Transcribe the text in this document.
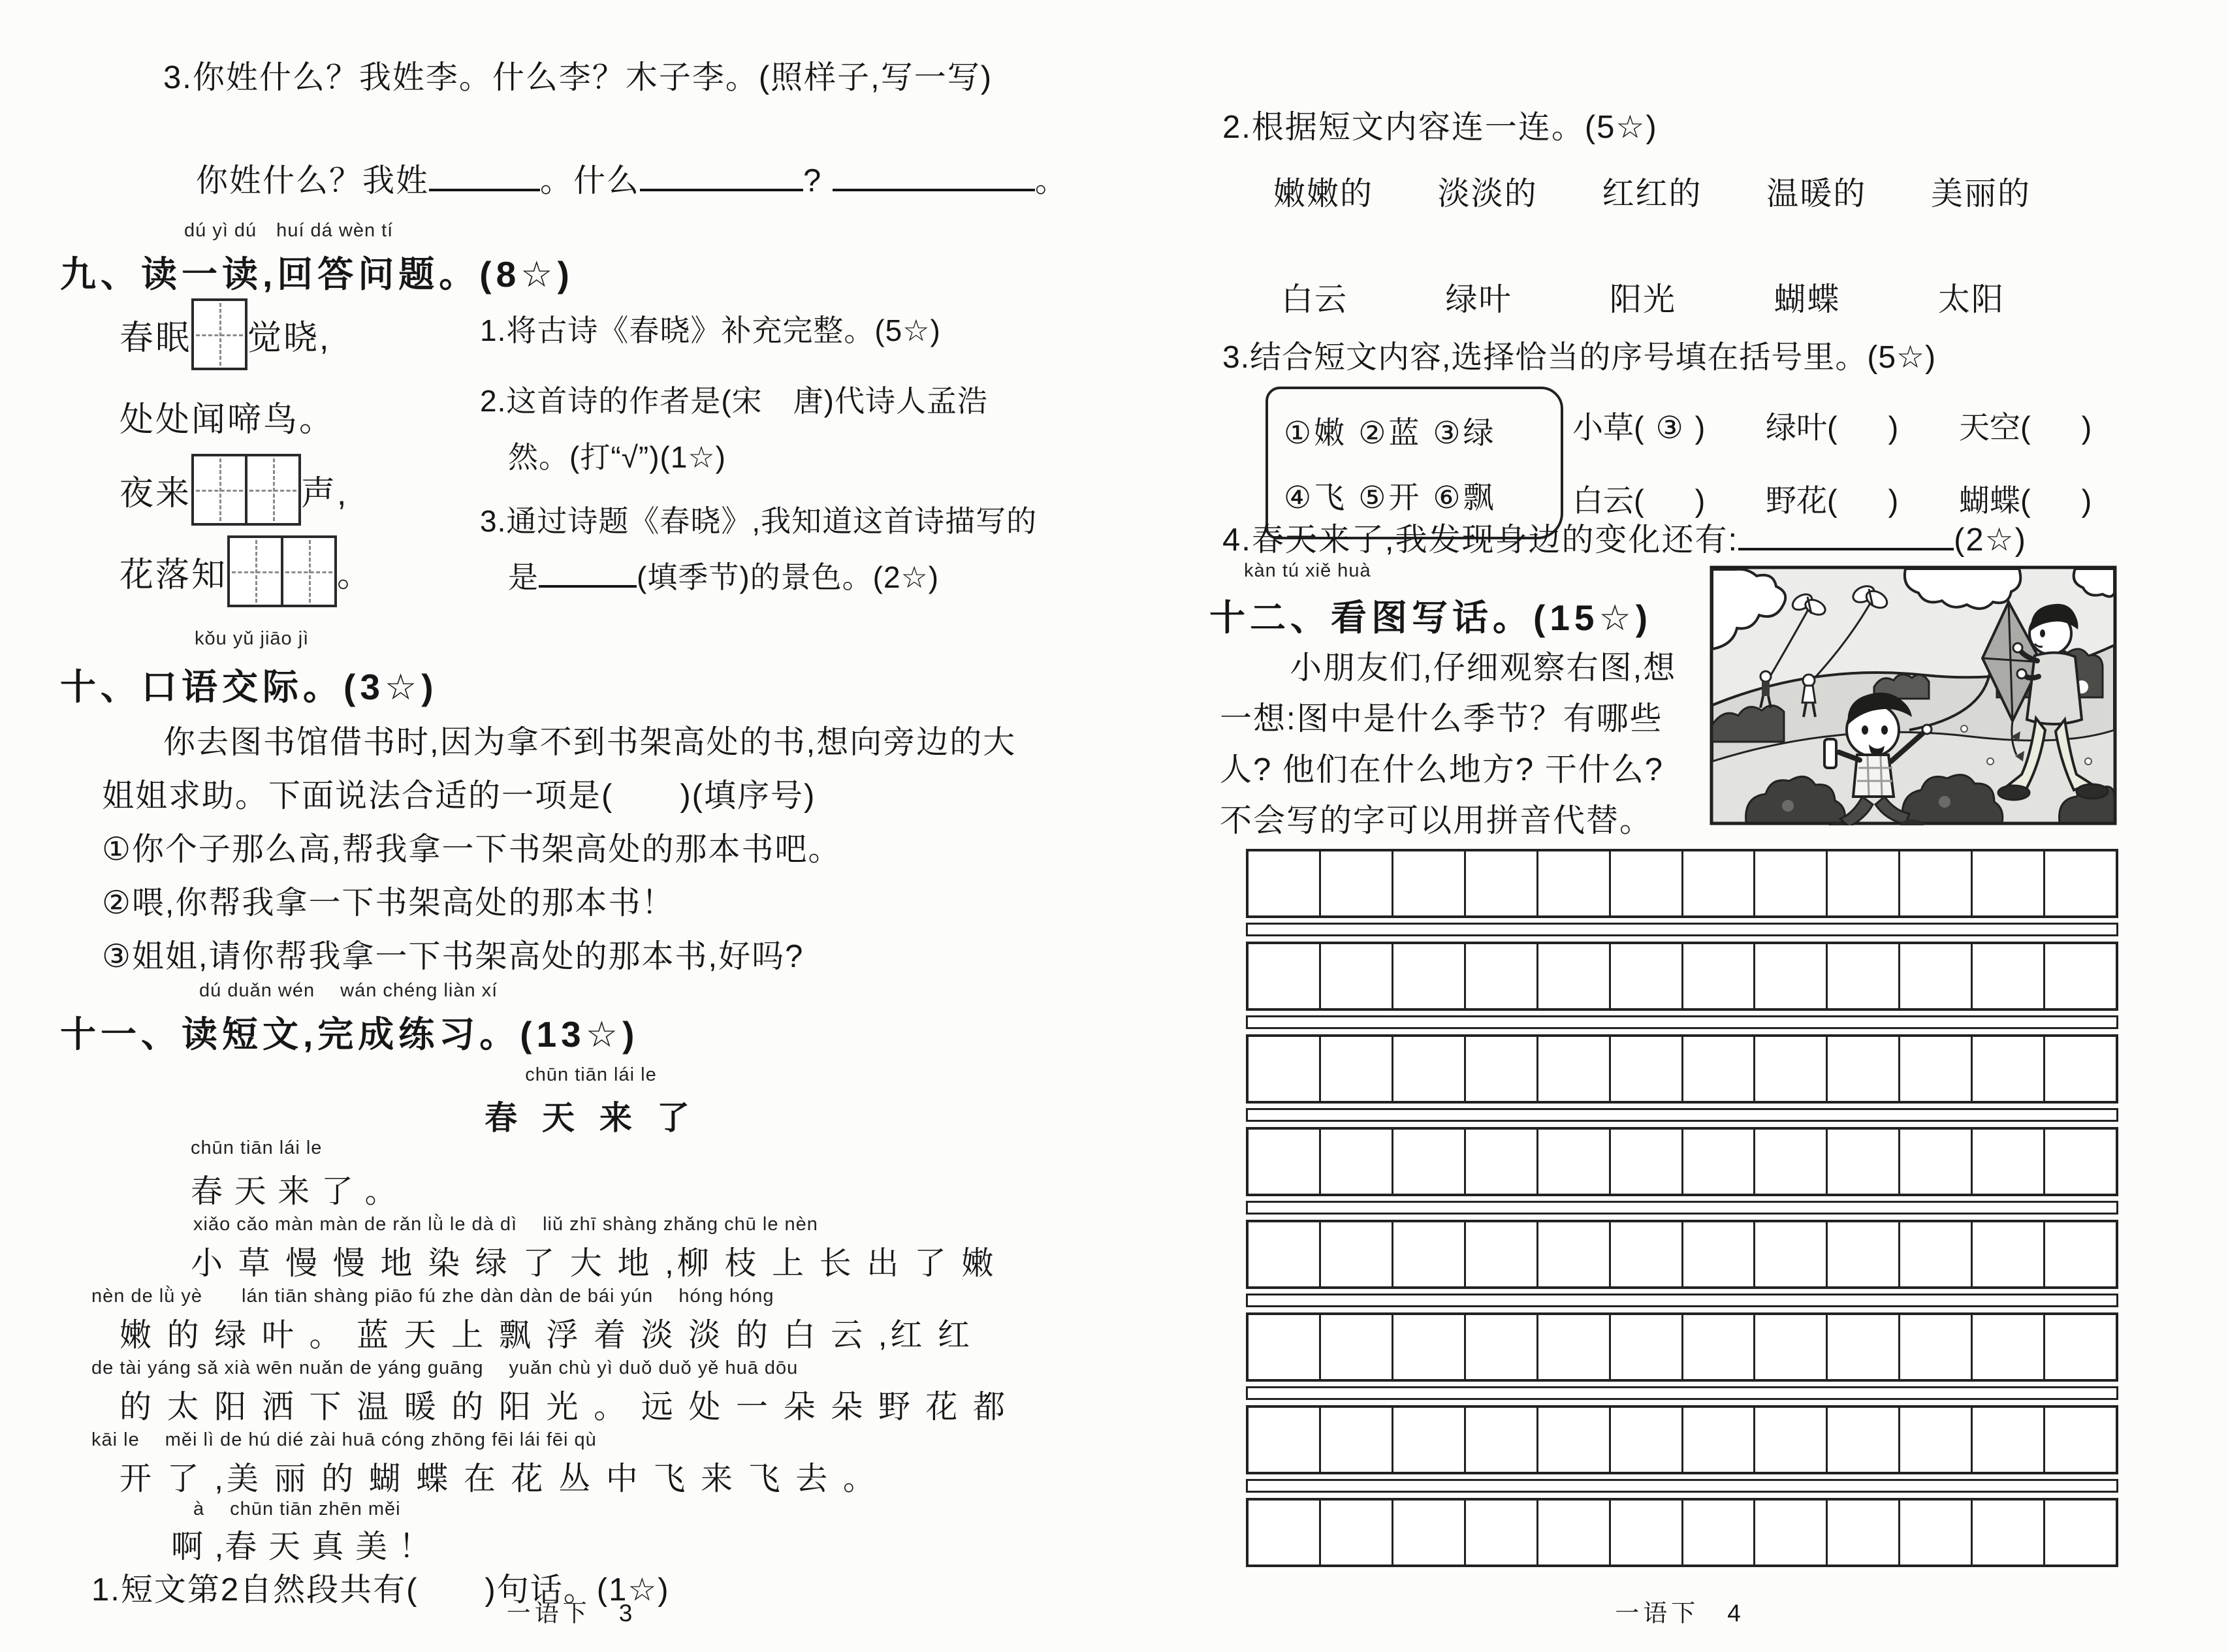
3.你姓什么？我姓李。什么李？木子李。(照样子,写一写)
你姓什么？我姓	。什么	?	。
dú yì dú　huí dá wèn tí
九、读一读,回答问题。(8☆)
春眠 觉晓,
处处闻啼鸟。
夜来	声,
花落知	。
1.将古诗《春晓》补充完整。(5☆)
2.这首诗的作者是(宋　唐)代诗人孟浩
然。(打“√”)(1☆)
3.通过诗题《春晓》,我知道这首诗描写的
是	(填季节)的景色。(2☆)
kǒu yǔ jiāo jì
十、口语交际。(3☆)
你去图书馆借书时,因为拿不到书架高处的书,想向旁边的大
姐姐求助。下面说法合适的一项是(　　)(填序号)
①你个子那么高,帮我拿一下书架高处的那本书吧。
②喂,你帮我拿一下书架高处的那本书！
③姐姐,请你帮我拿一下书架高处的那本书,好吗?
dú duǎn wén　 wán chéng liàn xí
十一、读短文,完成练习。(13☆)
chūn tiān lái le
春 天 来 了
chūn tiān lái le
春 天 来 了 。
xiǎo cǎo màn màn de rǎn lǜ le dà dì　 liǔ zhī shàng zhǎng chū le nèn
小 草 慢 慢 地 染 绿 了 大 地 ,柳 枝 上 长 出 了 嫩
nèn de lǜ yè　　lán tiān shàng piāo fú zhe dàn dàn de bái yún　 hóng hóng
嫩 的 绿 叶 。 蓝 天 上 飘 浮 着 淡 淡 的 白 云 ,红 红
de tài yáng sǎ xià wēn nuǎn de yáng guāng　 yuǎn chù yì duǒ duǒ yě huā dōu
的 太 阳 洒 下 温 暖 的 阳 光 。 远 处 一 朵 朵 野 花 都
kāi le　 měi lì de hú dié zài huā cóng zhōng fēi lái fēi qù
开 了 ,美 丽 的 蝴 蝶 在 花 丛 中 飞 来 飞 去 。
à　 chūn tiān zhēn měi
啊 ,春 天 真 美 ！
1.短文第2自然段共有(　　)句话。(1☆)
一语下　3
2.根据短文内容连一连。(5☆)
嫩嫩的 淡淡的 红红的 温暖的 美丽的
白云	绿叶	阳光	蝴蝶	太阳
3.结合短文内容,选择恰当的序号填在括号里。(5☆)
①嫩 ②蓝 ③绿
④飞 ⑤开 ⑥飘
小草( ③ )	绿叶( )	天空( )
白云( )	野花( )	蝴蝶( )
4.春天来了,我发现身边的变化还有:	(2☆)
kàn tú xiě huà
十二、看图写话。(15☆)
小朋友们,仔细观察右图,想
一想:图中是什么季节？有哪些
人? 他们在什么地方? 干什么?
不会写的字可以用拼音代替。
一语下　4
